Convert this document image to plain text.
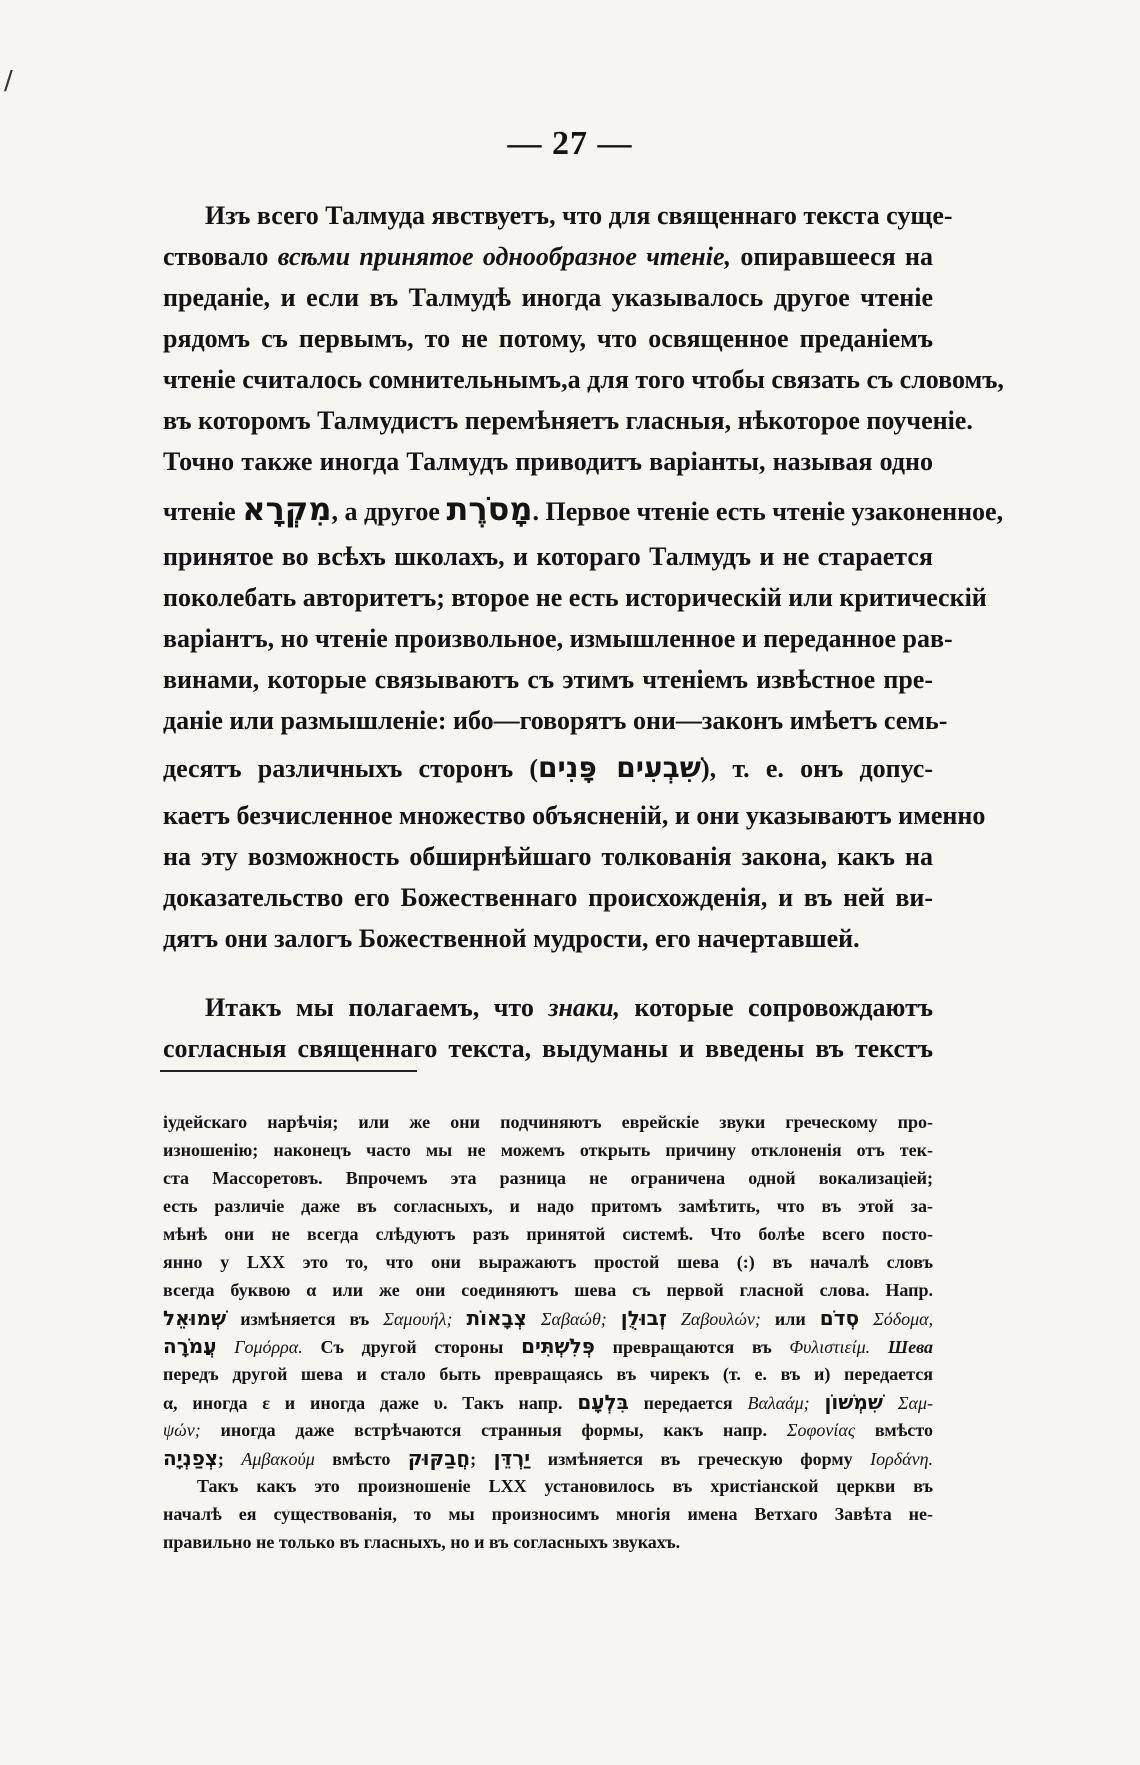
/
— 27 —
Изъ всего Талмуда явствуетъ, что для священнаго текста суще-
ствовало всѣми принятое однообразное чтеніе, опиравшееся на
преданіе, и если въ Талмудѣ иногда указывалось другое чтеніе
рядомъ съ первымъ, то не потому, что освященное преданіемъ
чтеніе считалось сомнительнымъ,а для того чтобы связать съ словомъ,
въ которомъ Талмудистъ перемѣняетъ гласныя, нѣкоторое поученіе.
Точно также иногда Талмудъ приводитъ варіанты, называя одно
чтеніе מִקְרָא, а другое מָסֹרֶת. Первое чтеніе есть чтеніе узаконенное,
принятое во всѣхъ школахъ, и котораго Талмудъ и не старается
поколебать авторитетъ; второе не есть историческій или критическій
варіантъ, но чтеніе произвольное, измышленное и переданное рав-
винами, которые связываютъ съ этимъ чтеніемъ извѣстное пре-
даніе или размышленіе: ибо—говорятъ они—законъ имѣетъ семь-
десятъ различныхъ сторонъ (שִׁבְעִים פָּנִים), т. е. онъ допус-
каетъ безчисленное множество объясненій, и они указываютъ именно
на эту возможность обширнѣйшаго толкованія закона, какъ на
доказательство его Божественнаго происхожденія, и въ ней ви-
дятъ они залогъ Божественной мудрости, его начертавшей.
Итакъ мы полагаемъ, что знаки, которые сопровождаютъ
согласныя священнаго текста, выдуманы и введены въ текстъ
іудейскаго нарѣчія; или же они подчиняютъ еврейскіе звуки греческому про-
изношенію; наконецъ часто мы не можемъ открыть причину отклоненія отъ тек-
ста Массоретовъ. Впрочемъ эта разница не ограничена одной вокализаціей;
есть различіе даже въ согласныхъ, и надо притомъ замѣтить, что въ этой за-
мѣнѣ они не всегда слѣдуютъ разъ принятой системѣ. Что болѣе всего посто-
янно у LXX это то, что они выражаютъ простой шева (:) въ началѣ словъ
всегда буквою α или же они соединяютъ шева съ первой гласной слова. Напр.
שְׁמוּאֵל измѣняется въ Σαμουήλ; צְבָאוֹת Σαβαώθ; זְבוּלֻן Ζαβουλών; или סְדֹם Σόδομα,
עֲמֹרָה Γομόρρα. Съ другой стороны פְּלִשְׁתִּים превращаются въ Φυλιστιείμ. Шева
передъ другой шева и стало быть превращаясь въ чирекъ (т. е. въ и) передается
α, иногда ε и иногда даже υ. Такъ напр. בִּלְעָם передается Βαλαάμ; שִׁמְשׁוֹן Σαμ-
ψών; иногда даже встрѣчаются странныя формы, какъ напр. Σοφονίας вмѣсто
צְפַנְיָה; Αμβακούμ вмѣсто חֲבַקּוּק; יַרְדֵּן измѣняется въ греческую форму Ιορδάνη.
Такъ какъ это произношеніе LXX установилось въ христіанской церкви въ
началѣ ея существованія, то мы произносимъ многія имена Ветхаго Завѣта не-
правильно не только въ гласныхъ, но и въ согласныхъ звукахъ.
